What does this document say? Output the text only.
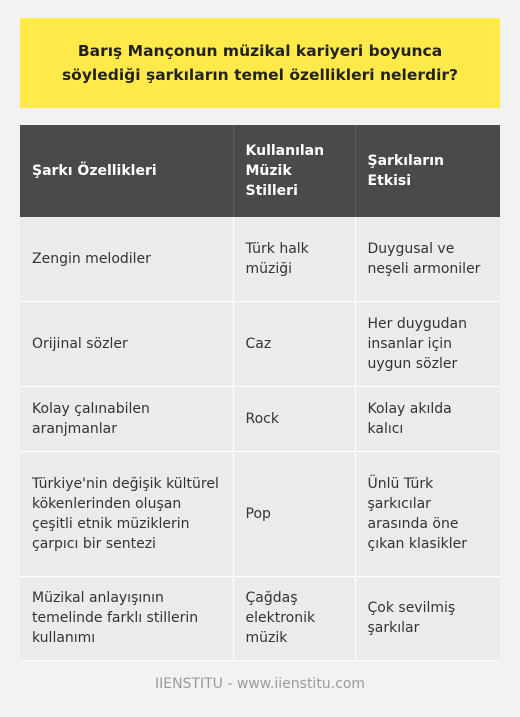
Barış Mançonun müzikal kariyeri boyunca söylediği şarkıların temel özellikleri nelerdir?
Şarkı Özellikleri	Kullanılan Müzik Stilleri	Şarkıların Etkisi
Zengin melodiler	Türk halk müziği	Duygusal ve neşeli armoniler
Orijinal sözler	Caz	Her duygudan insanlar için uygun sözler
Kolay çalınabilen aranjmanlar	Rock	Kolay akılda kalıcı
Türkiye'nin değişik kültürel kökenlerinden oluşan çeşitli etnik müziklerin çarpıcı bir sentezi	Pop	Ünlü Türk şarkıcılar arasında öne çıkan klasikler
Müzikal anlayışının temelinde farklı stillerin kullanımı	Çağdaş elektronik müzik	Çok sevilmiş şarkılar
IIENSTITU - www.iienstitu.com
